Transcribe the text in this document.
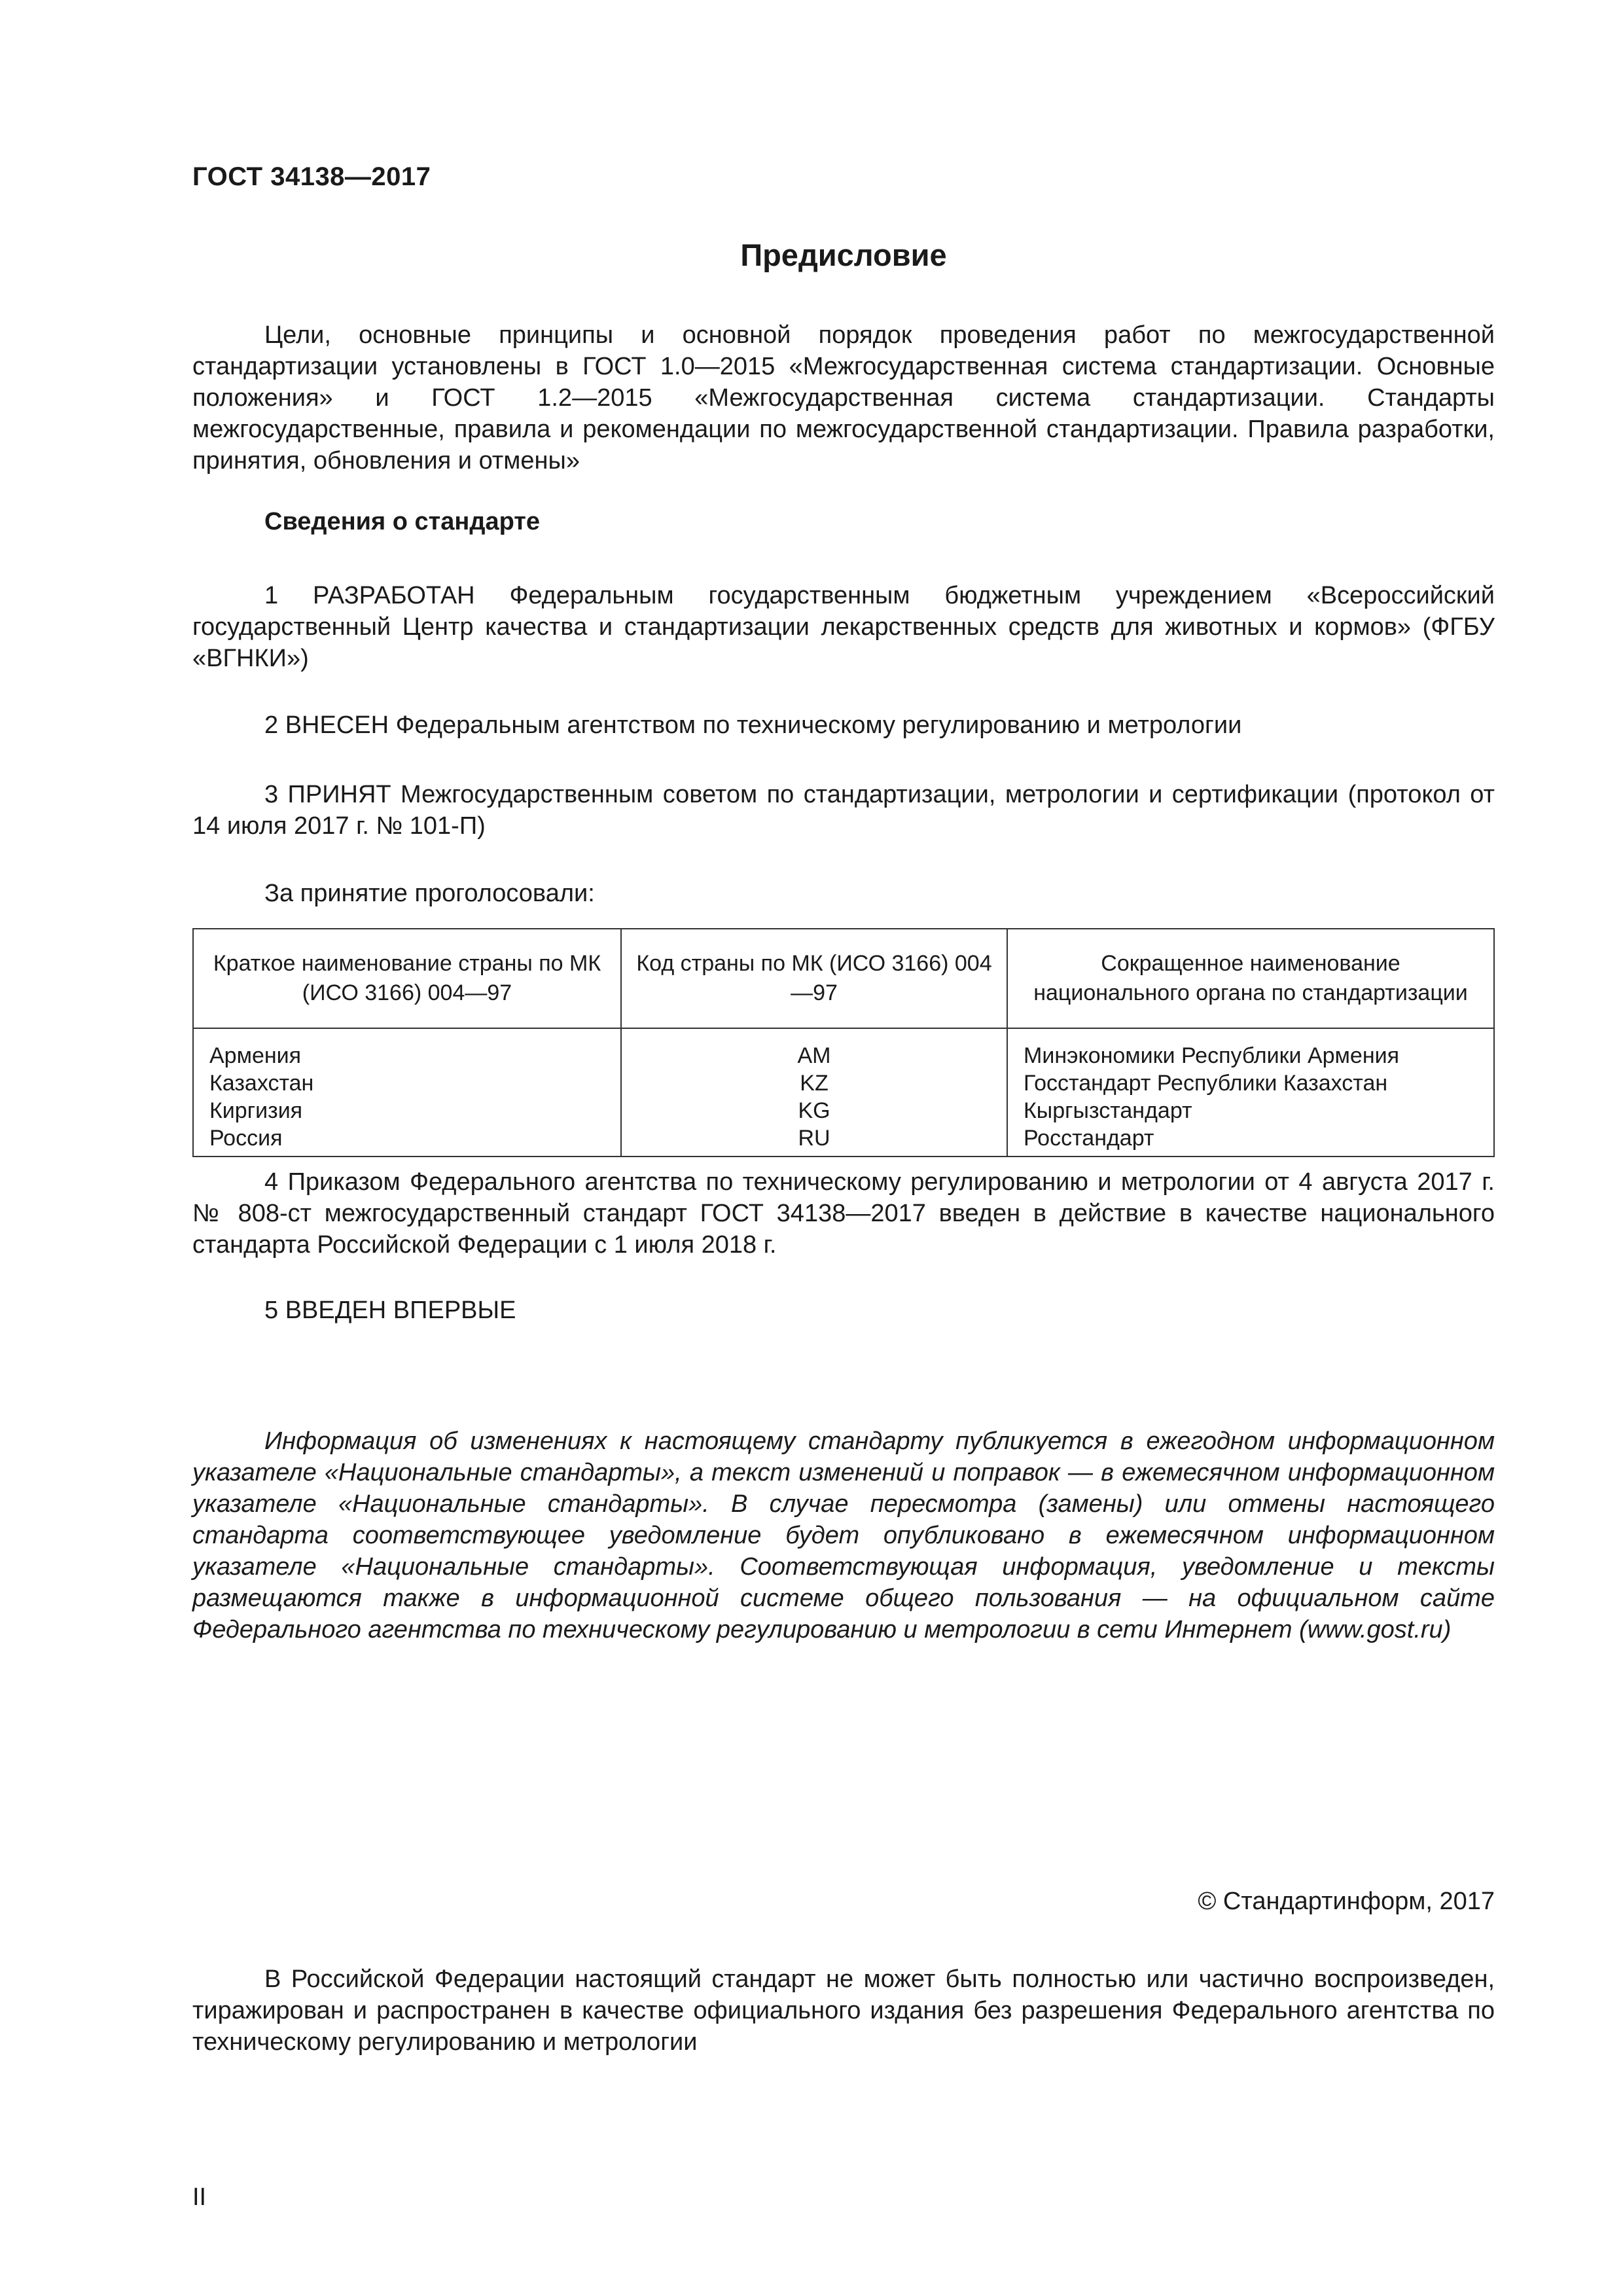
ГОСТ 34138—2017
Предисловие

Цели, основные принципы и основной порядок проведения работ по межгосударственной стандартизации установлены в ГОСТ 1.0—2015 «Межгосударственная система стандартизации. Основные положения» и ГОСТ 1.2—2015 «Межгосударственная система стандартизации. Стандарты межгосударственные, правила и рекомендации по межгосударственной стандартизации. Правила разработки, принятия, обновления и отмены»

Сведения о стандарте

1 РАЗРАБОТАН Федеральным государственным бюджетным учреждением «Всероссийский государственный Центр качества и стандартизации лекарственных средств для животных и кормов» (ФГБУ «ВГНКИ»)

2 ВНЕСЕН Федеральным агентством по техническому регулированию и метрологии

3 ПРИНЯТ Межгосударственным советом по стандартизации, метрологии и сертификации (протокол от 14 июля 2017 г. № 101-П)

За принятие проголосовали:

Краткое наименование страны по МК (ИСО 3166) 004—97	Код страны по МК (ИСО 3166) 004—97	Сокращенное наименование национального органа по стандартизации
Армения	AM	Минэкономики Республики Армения
Казахстан	KZ	Госстандарт Республики Казахстан
Киргизия	KG	Кыргызстандарт
Россия	RU	Росстандарт

4 Приказом Федерального агентства по техническому регулированию и метрологии от 4 августа 2017 г. № 808-ст межгосударственный стандарт ГОСТ 34138—2017 введен в действие в качестве национального стандарта Российской Федерации с 1 июля 2018 г.

5 ВВЕДЕН ВПЕРВЫЕ

Информация об изменениях к настоящему стандарту публикуется в ежегодном информационном указателе «Национальные стандарты», а текст изменений и поправок — в ежемесячном информационном указателе «Национальные стандарты». В случае пересмотра (замены) или отмены настоящего стандарта соответствующее уведомление будет опубликовано в ежемесячном информационном указателе «Национальные стандарты». Соответствующая информация, уведомление и тексты размещаются также в информационной системе общего пользования — на официальном сайте Федерального агентства по техническому регулированию и метрологии в сети Интернет (www.gost.ru)

© Стандартинформ, 2017

В Российской Федерации настоящий стандарт не может быть полностью или частично воспроизведен, тиражирован и распространен в качестве официального издания без разрешения Федерального агентства по техническому регулированию и метрологии

II
